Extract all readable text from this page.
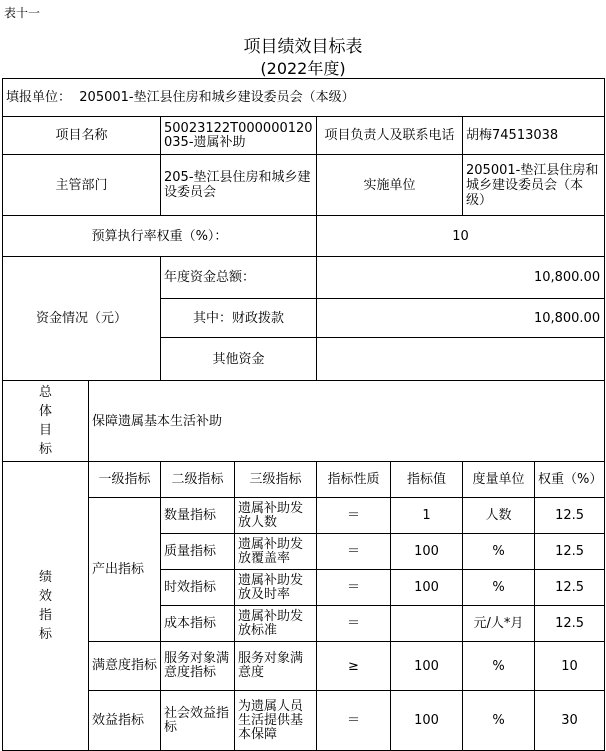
表十一
项目绩效目标表
(2022年度)
填报单位： 205001-垫江县住房和城乡建设委员会（本级）							
项目名称		50023122T000000120035-遗属补助		项目负责人及联系电话		胡梅74513038	
主管部门		205-垫江县住房和城乡建设委员会		实施单位		205001-垫江县住房和城乡建设委员会（本级）	
预算执行率权重（%）：				10			
资金情况（元）		年度资金总额：		10,800.00			
		其中：财政拨款		10,800.00			
		其他资金					
总体目标	保障遗属基本生活补助						
绩效指标	一级指标	二级指标	三级指标	指标性质	指标值	度量单位	权重（%）
	产出指标	数量指标	遗属补助发放人数	＝	1	人数	12.5
		质量指标	遗属补助发放覆盖率	＝	100	%	12.5
		时效指标	遗属补助发放及时率	＝	100	%	12.5
		成本指标	遗属补助发放标准	＝		元/人*月	12.5
	满意度指标	服务对象满意度指标	服务对象满意度	≥	100	%	10
	效益指标	社会效益指标	为遗属人员生活提供基本保障	＝	100	%	30
